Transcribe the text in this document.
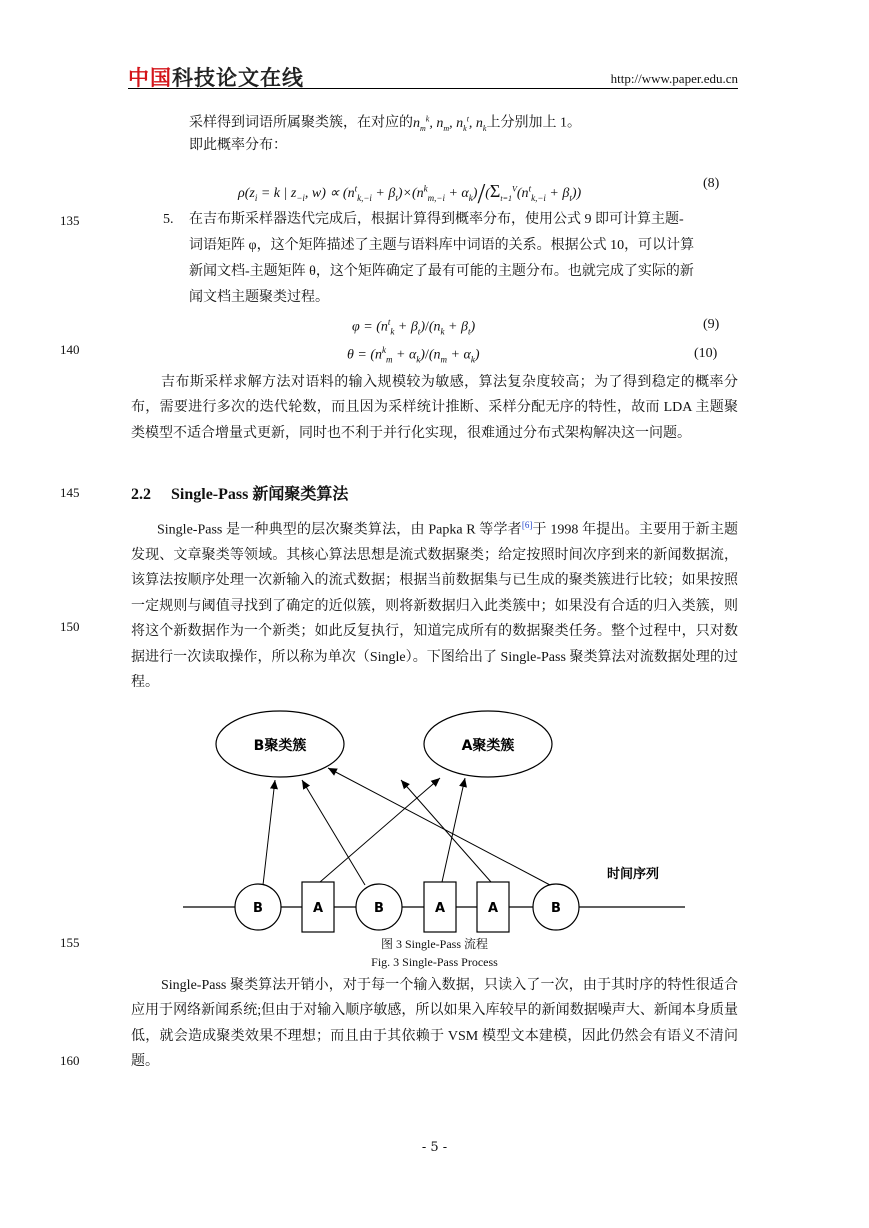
中国科技论文在线	http://www.paper.edu.cn
采样得到词语所属聚类簇，在对应的$n_m^k$, $n_m$, $n_k^t$, $n_k$上分别加上 1。
即此概率分布：
$\rho(z_i = k$ | $z_{-i}$, $w) \propto (n^t_{k,-i} + \beta_t)\times(n^k_{m,-i} + \alpha_k)/(\Sigma_{t=1}^V(n^t_{k,-i} + \beta_t))$
(8)
135	5. 在吉布斯采样器迭代完成后，根据计算得到概率分布，使用公式 9 即可计算主题-
词语矩阵 φ，这个矩阵描述了主题与语料库中词语的关系。根据公式 10，可以计算
新闻文档-主题矩阵 θ，这个矩阵确定了最有可能的主题分布。也就完成了实际的新
闻文档主题聚类过程。
$\varphi = (n^t_k + \beta_t)/(n_k + \beta_t)$	(9)
140	$\theta = (n^k_m + \alpha_k)/(n_m + \alpha_k)$	(10)
吉布斯采样求解方法对语料的输入规模较为敏感，算法复杂度较高；为了得到稳定的概率分布，需要进行多次的迭代轮数，而且因为采样统计推断、采样分配无序的特性，故而 LDA 主题聚类模型不适合增量式更新，同时也不利于并行化实现，很难通过分布式架构解决这一问题。
145	2.2 Single-Pass 新闻聚类算法
Single-Pass 是一种典型的层次聚类算法，由 Papka R 等学者[6]于 1998 年提出。主要用于新主题发现、文章聚类等领域。其核心算法思想是流式数据聚类；给定按照时间次序到来的新闻数据流，该算法按顺序处理一次新输入的流式数据；根据当前数据集与已生成的聚类簇进行比较；如果按照一定规则与阈值寻找到了确定的近似簇，则将新数据归入此类簇中；如果没有合适的归入类簇，则将这个新数据作为一个新类；如此反复执行，知道完成所有的数据聚类任务。整个过程中，只对数据进行一次读取操作，所以称为单次（Single）。下图给出了 Single-Pass 聚类算法对流数据处理的过程。
150
B聚类簇	A聚类簇
时间序列
B	A	B	A	A	B
155	图 3 Single-Pass 流程
Fig. 3 Single-Pass Process
Single-Pass 聚类算法开销小，对于每一个输入数据，只读入了一次，由于其时序的特性很适合应用于网络新闻系统;但由于对输入顺序敏感，所以如果入库较早的新闻数据噪声大、新闻本身质量低，就会造成聚类效果不理想；而且由于其依赖于 VSM 模型文本建模，因此仍然会有语义不清问题。
160
- 5 -
